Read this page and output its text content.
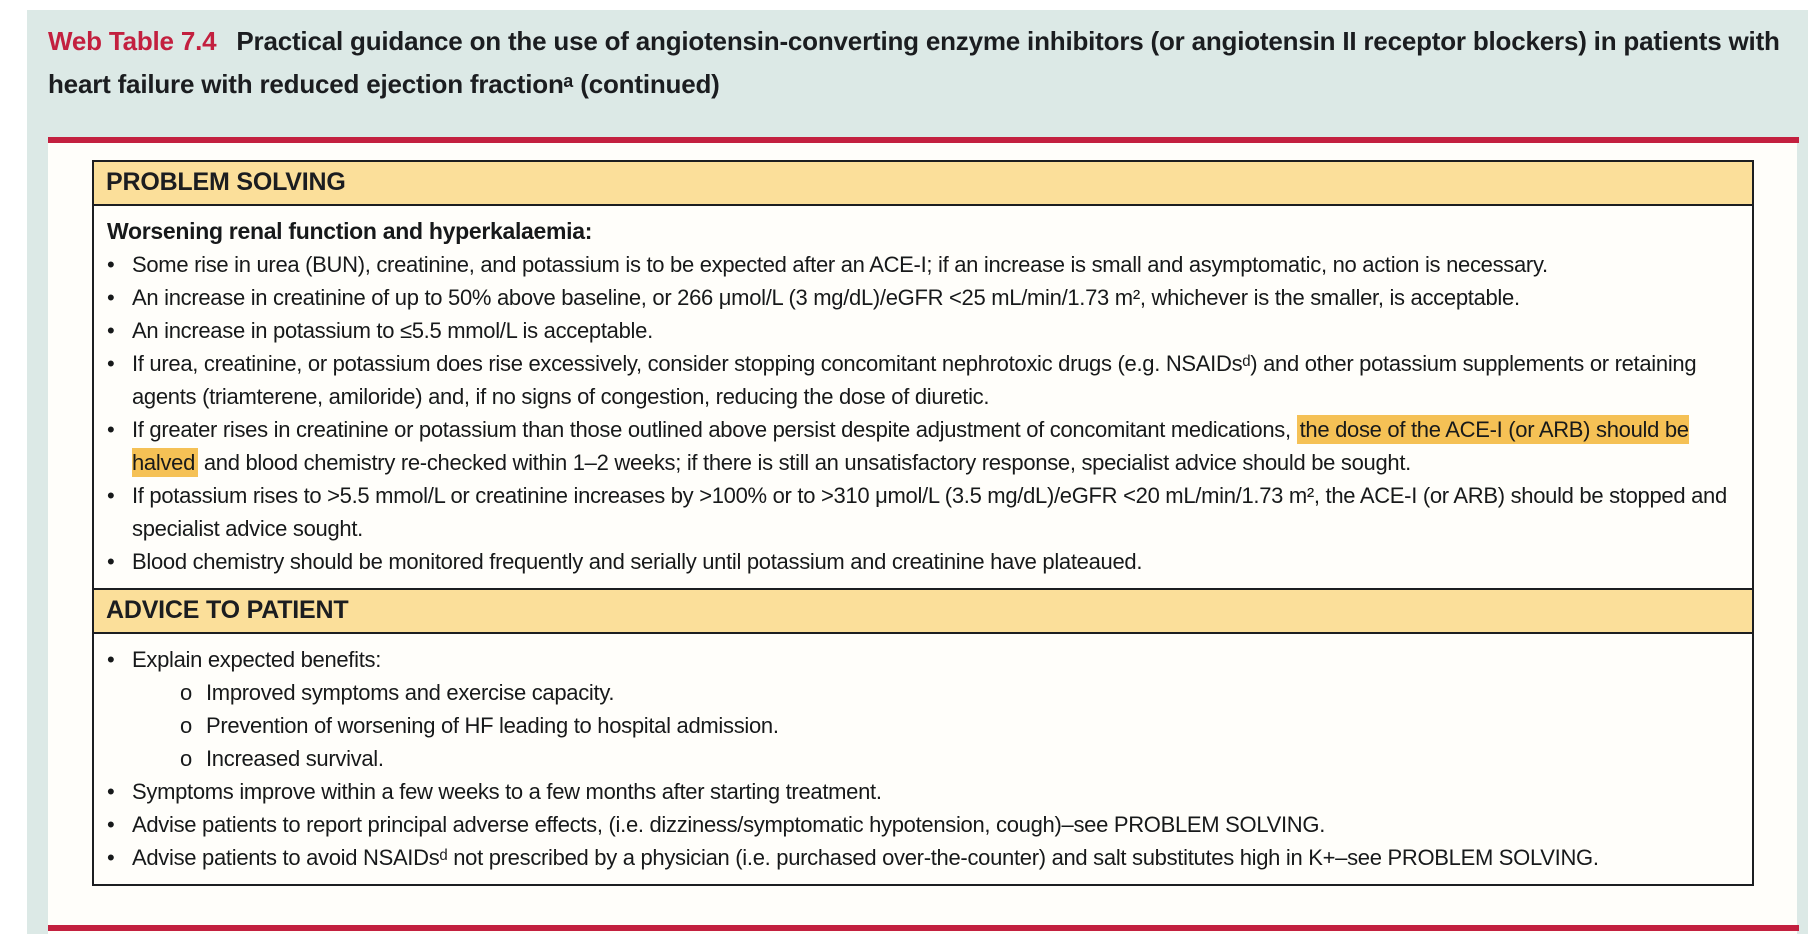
Web Table 7.4 Practical guidance on the use of angiotensin-converting enzyme inhibitors (or angiotensin II receptor blockers) in patients with heart failure with reduced ejection fractionᵃ (continued)
PROBLEM SOLVING
Worsening renal function and hyperkalaemia:
• Some rise in urea (BUN), creatinine, and potassium is to be expected after an ACE-I; if an increase is small and asymptomatic, no action is necessary.
• An increase in creatinine of up to 50% above baseline, or 266 μmol/L (3 mg/dL)/eGFR <25 mL/min/1.73 m², whichever is the smaller, is acceptable.
• An increase in potassium to ≤5.5 mmol/L is acceptable.
• If urea, creatinine, or potassium does rise excessively, consider stopping concomitant nephrotoxic drugs (e.g. NSAIDsᵈ) and other potassium supplements or retaining agents (triamterene, amiloride) and, if no signs of congestion, reducing the dose of diuretic.
• If greater rises in creatinine or potassium than those outlined above persist despite adjustment of concomitant medications, the dose of the ACE-I (or ARB) should be halved and blood chemistry re-checked within 1–2 weeks; if there is still an unsatisfactory response, specialist advice should be sought.
• If potassium rises to >5.5 mmol/L or creatinine increases by >100% or to >310 μmol/L (3.5 mg/dL)/eGFR <20 mL/min/1.73 m², the ACE-I (or ARB) should be stopped and specialist advice sought.
• Blood chemistry should be monitored frequently and serially until potassium and creatinine have plateaued.
ADVICE TO PATIENT
• Explain expected benefits:
o Improved symptoms and exercise capacity.
o Prevention of worsening of HF leading to hospital admission.
o Increased survival.
• Symptoms improve within a few weeks to a few months after starting treatment.
• Advise patients to report principal adverse effects, (i.e. dizziness/symptomatic hypotension, cough)–see PROBLEM SOLVING.
• Advise patients to avoid NSAIDsᵈ not prescribed by a physician (i.e. purchased over-the-counter) and salt substitutes high in K+–see PROBLEM SOLVING.
